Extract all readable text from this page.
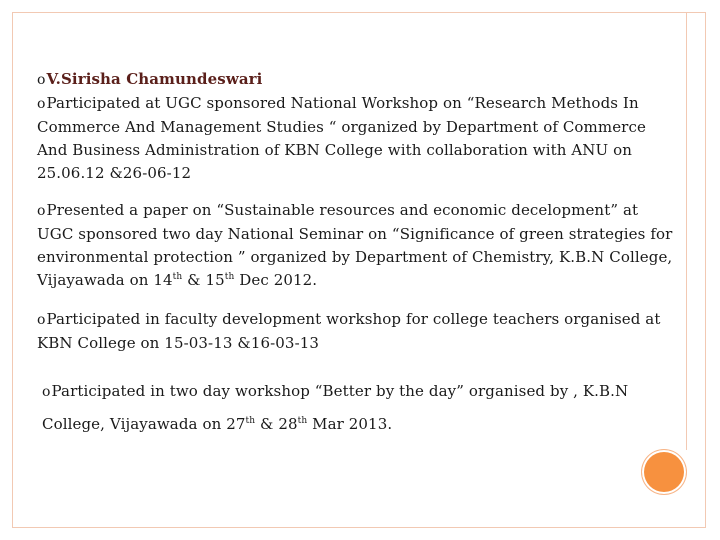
oV.Sirisha Chamundeswari

oParticipated at UGC sponsored National Workshop on “Research Methods In Commerce And Management Studies “ organized by Department of Commerce And Business Administration of KBN College with collaboration with ANU on 25.06.12 &26-06-12

oPresented a paper on “Sustainable resources and economic decelopment” at UGC sponsored two day National Seminar on “Significance of green strategies for environmental protection ” organized by Department of Chemistry, K.B.N College, Vijayawada on 14th & 15th Dec 2012.

oParticipated in faculty development workshop for college teachers organised at KBN College on 15-03-13 &16-03-13

oParticipated in two day workshop “Better by the day” organised by , K.B.N College, Vijayawada on 27th & 28th Mar 2013.
